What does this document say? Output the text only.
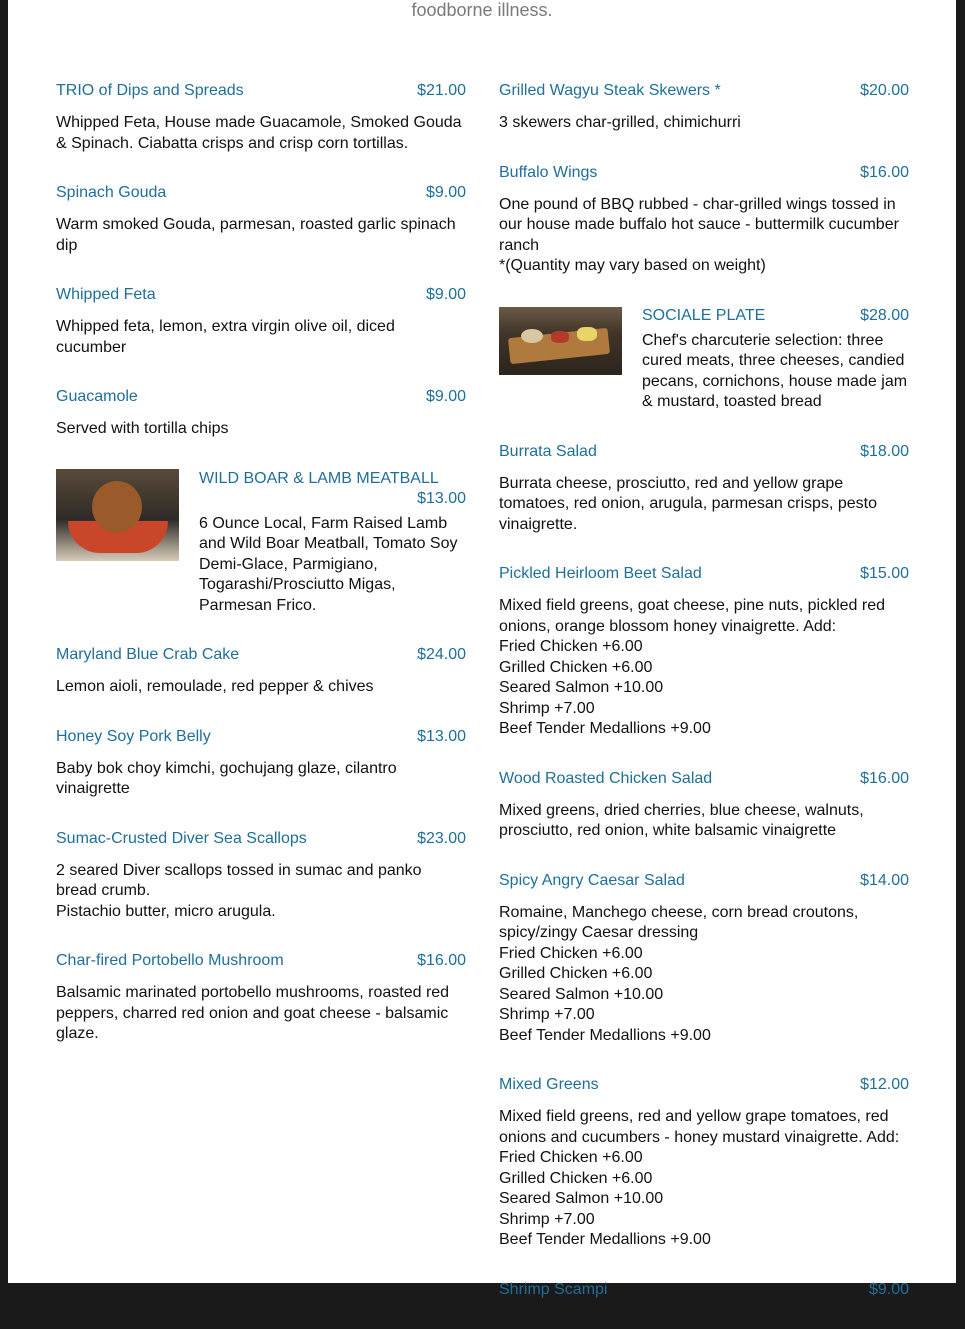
foodborne illness.
TRIO of Dips and Spreads	$21.00
Whipped Feta, House made Guacamole, Smoked Gouda & Spinach. Ciabatta crisps and crisp corn tortillas.
Spinach Gouda	$9.00
Warm smoked Gouda, parmesan, roasted garlic spinach dip
Whipped Feta	$9.00
Whipped feta, lemon, extra virgin olive oil, diced cucumber
Guacamole	$9.00
Served with tortilla chips
WILD BOAR & LAMB MEATBALL
$13.00
6 Ounce Local, Farm Raised Lamb and Wild Boar Meatball, Tomato Soy Demi-Glace, Parmigiano, Togarashi/Prosciutto Migas, Parmesan Frico.
Maryland Blue Crab Cake	$24.00
Lemon aioli, remoulade, red pepper & chives
Honey Soy Pork Belly	$13.00
Baby bok choy kimchi, gochujang glaze, cilantro vinaigrette
Sumac-Crusted Diver Sea Scallops	$23.00
2 seared Diver scallops tossed in sumac and panko bread crumb.
Pistachio butter, micro arugula.
Char-fired Portobello Mushroom	$16.00
Balsamic marinated portobello mushrooms, roasted red peppers, charred red onion and goat cheese - balsamic glaze.
Grilled Wagyu Steak Skewers *	$20.00
3 skewers char-grilled, chimichurri
Buffalo Wings	$16.00
One pound of BBQ rubbed - char-grilled wings tossed in our house made buffalo hot sauce - buttermilk cucumber ranch
*(Quantity may vary based on weight)
SOCIALE PLATE	$28.00
Chef's charcuterie selection: three cured meats, three cheeses, candied pecans, cornichons, house made jam & mustard, toasted bread
Burrata Salad	$18.00
Burrata cheese, prosciutto, red and yellow grape tomatoes, red onion, arugula, parmesan crisps, pesto vinaigrette.
Pickled Heirloom Beet Salad	$15.00
Mixed field greens, goat cheese, pine nuts, pickled red onions, orange blossom honey vinaigrette. Add:
Fried Chicken +6.00
Grilled Chicken +6.00
Seared Salmon +10.00
Shrimp +7.00
Beef Tender Medallions +9.00
Wood Roasted Chicken Salad	$16.00
Mixed greens, dried cherries, blue cheese, walnuts, prosciutto, red onion, white balsamic vinaigrette
Spicy Angry Caesar Salad	$14.00
Romaine, Manchego cheese, corn bread croutons, spicy/zingy Caesar dressing
Fried Chicken +6.00
Grilled Chicken +6.00
Seared Salmon +10.00
Shrimp +7.00
Beef Tender Medallions +9.00
Mixed Greens	$12.00
Mixed field greens, red and yellow grape tomatoes, red onions and cucumbers - honey mustard vinaigrette. Add:
Fried Chicken +6.00
Grilled Chicken +6.00
Seared Salmon +10.00
Shrimp +7.00
Beef Tender Medallions +9.00
Shrimp Scampi	$9.00
